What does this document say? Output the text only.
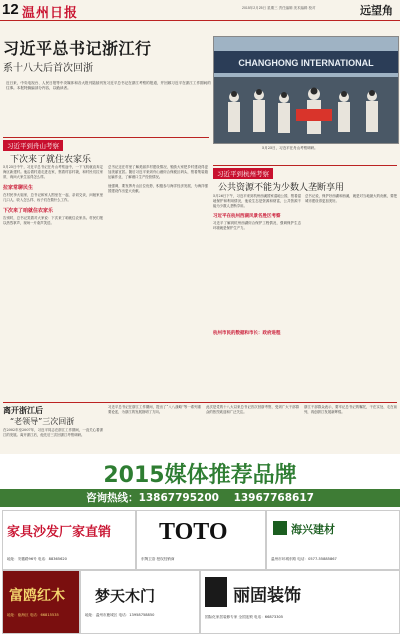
12 温州日报	2015年2月25日 星期三 责任编辑 美术编辑 校对	远望角
习近平总书记浙江行
系十八大后首次回浙
近日来，中央电视台、人民日报等中央媒体和各大报刊陆续刊发习近平总书记在浙江考察的报道，并回顾习近平在浙江工作期间的往事。本报特摘编部分内容，以飨读者。
CHANGHONG INTERNATIONAL
5月25日，习近平在舟山考察调研。
习近平到舟山考察
下次来了就住农家乐
5月25日中午，习近平总书记在舟山考察途中，一下飞机就直奔定海区新建村。他沿着村道走进农家，察看村容村貌，和村民们拉家常，询问大家生活得怎么样。
拉家常聊民生
在村民李大姐家，总书记和家人围坐在一起，亲切交谈，问她家里几口人、收入怎么样、孩子们在做什么工作。
下次来了咱就住农家乐
告别时，总书记笑着对大家说：下次来了咱就住农家乐。村民们报以热烈掌声，现场一片欢声笑语。
总书记还在村里了解美丽乡村建设情况，勉励大家把乡村建设得更加美丽宜居。随后习近平来到舟山港综合保税区码头，察看集装箱运输作业，了解港口生产经营情况。
他强调，要发挥舟山区位优势，积极参与海洋经济发展，为海洋强国建设作出更大贡献。
习近平到杭州考察
公共资源不能为少数人垄断享用
5月26日下午，习近平来到杭州西溪国家湿地公园，察看湿地保护和利用情况，他说生态是资源和财富，公共资源不能为少数人垄断享用。
习近平在杭州西湖风景名胜区考察
习近平了解到杭州西湖综合保护工程情况，强调保护生态环境就是保护生产力。
总书记说，保护好西湖和西溪，就是对当地最大的贡献，要把城市建设得更加美好。
杭州市民的数据和市长：政府进程
离开浙江后
“老领导”三次回浙
在2002年至2007年，习近平同志在浙江工作期间，一直关心着浙江的发展。离开浙江后，他先后三次回浙江考察调研。
习近平总书记在浙江工作期间，提出了“八八战略”等一系列重要论述，为浙江的发展指明了方向。
此次是党的十八大以来总书记首次回浙考察，受到广大干部群众的热烈欢迎和广泛关注。
浙江干部群众表示，要牢记总书记的嘱托，干在实处、走在前列，再创浙江发展新辉煌。
2015媒体推荐品牌
咨询热线：13867795200 13967768617
家具沙发厂家直销
地址：安徽路96号 电话：88365620
TOTO
东陶卫浴 授权经销商
海兴建材
温州市环城东路 电话：0577-55885867
富鸥红木
地址：瓯海区 电话：66815535
梦天木门
地址：温州市鹿城区 电话：13958758850
丽固装饰
国际化家居装修专家 全国连锁 电话：66873305
